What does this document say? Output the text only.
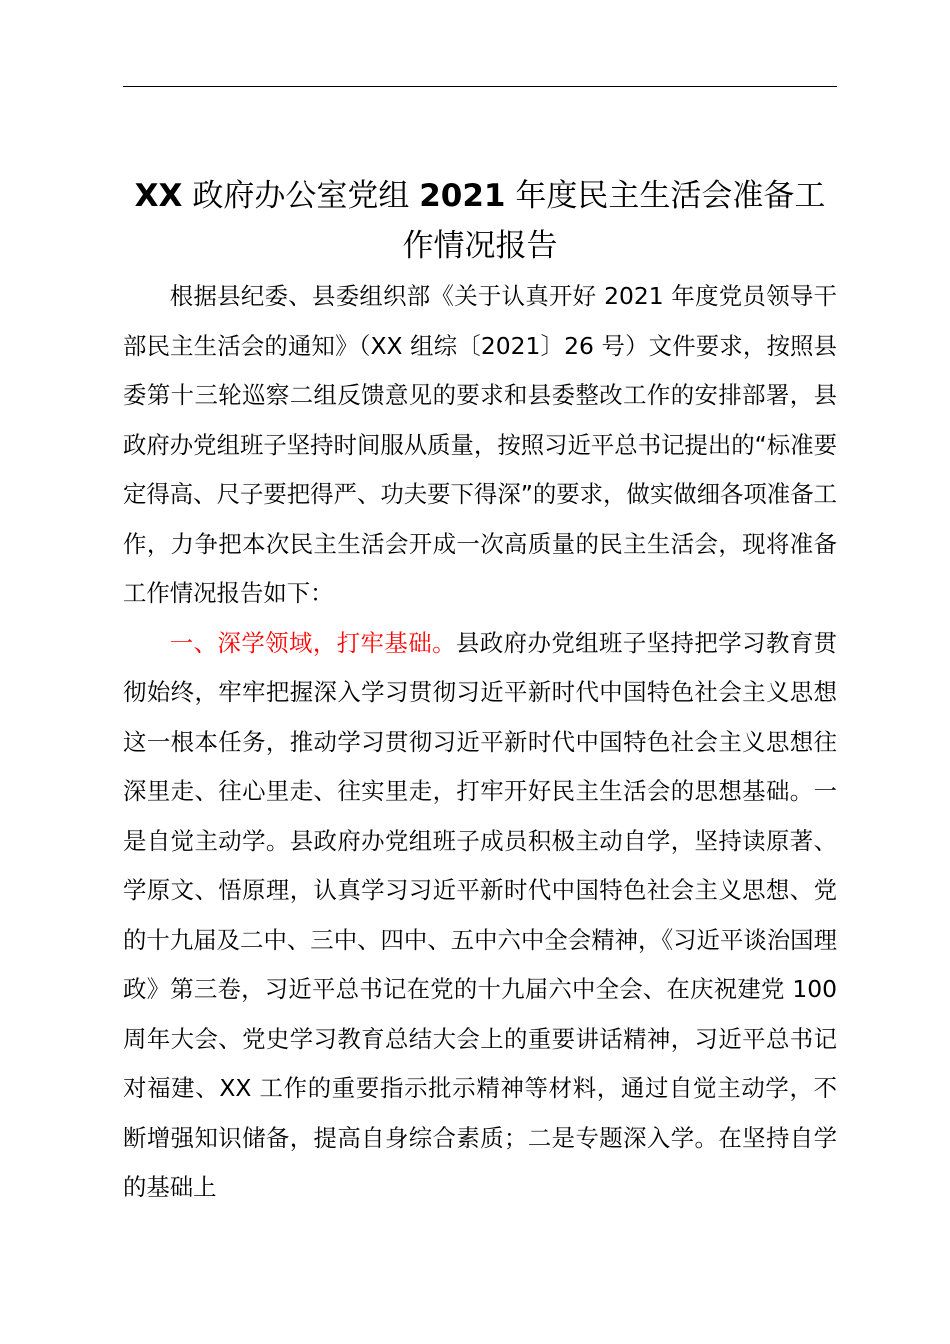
XX 政府办公室党组 2021 年度民主生活会准备工作情况报告

根据县纪委、县委组织部《关于认真开好 2021 年度党员领导干部民主生活会的通知》（XX 组综〔2021〕26 号）文件要求，按照县委第十三轮巡察二组反馈意见的要求和县委整改工作的安排部署，县政府办党组班子坚持时间服从质量，按照习近平总书记提出的“标准要定得高、尺子要把得严、功夫要下得深”的要求，做实做细各项准备工作，力争把本次民主生活会开成一次高质量的民主生活会，现将准备工作情况报告如下：

一、深学领域，打牢基础。县政府办党组班子坚持把学习教育贯彻始终，牢牢把握深入学习贯彻习近平新时代中国特色社会主义思想这一根本任务，推动学习贯彻习近平新时代中国特色社会主义思想往深里走、往心里走、往实里走，打牢开好民主生活会的思想基础。一是自觉主动学。县政府办党组班子成员积极主动自学，坚持读原著、学原文、悟原理，认真学习习近平新时代中国特色社会主义思想、党的十九届及二中、三中、四中、五中六中全会精神，《习近平谈治国理政》第三卷，习近平总书记在党的十九届六中全会、在庆祝建党 100 周年大会、党史学习教育总结大会上的重要讲话精神，习近平总书记对福建、XX 工作的重要指示批示精神等材料，通过自觉主动学，不断增强知识储备，提高自身综合素质；二是专题深入学。在坚持自学的基础上
